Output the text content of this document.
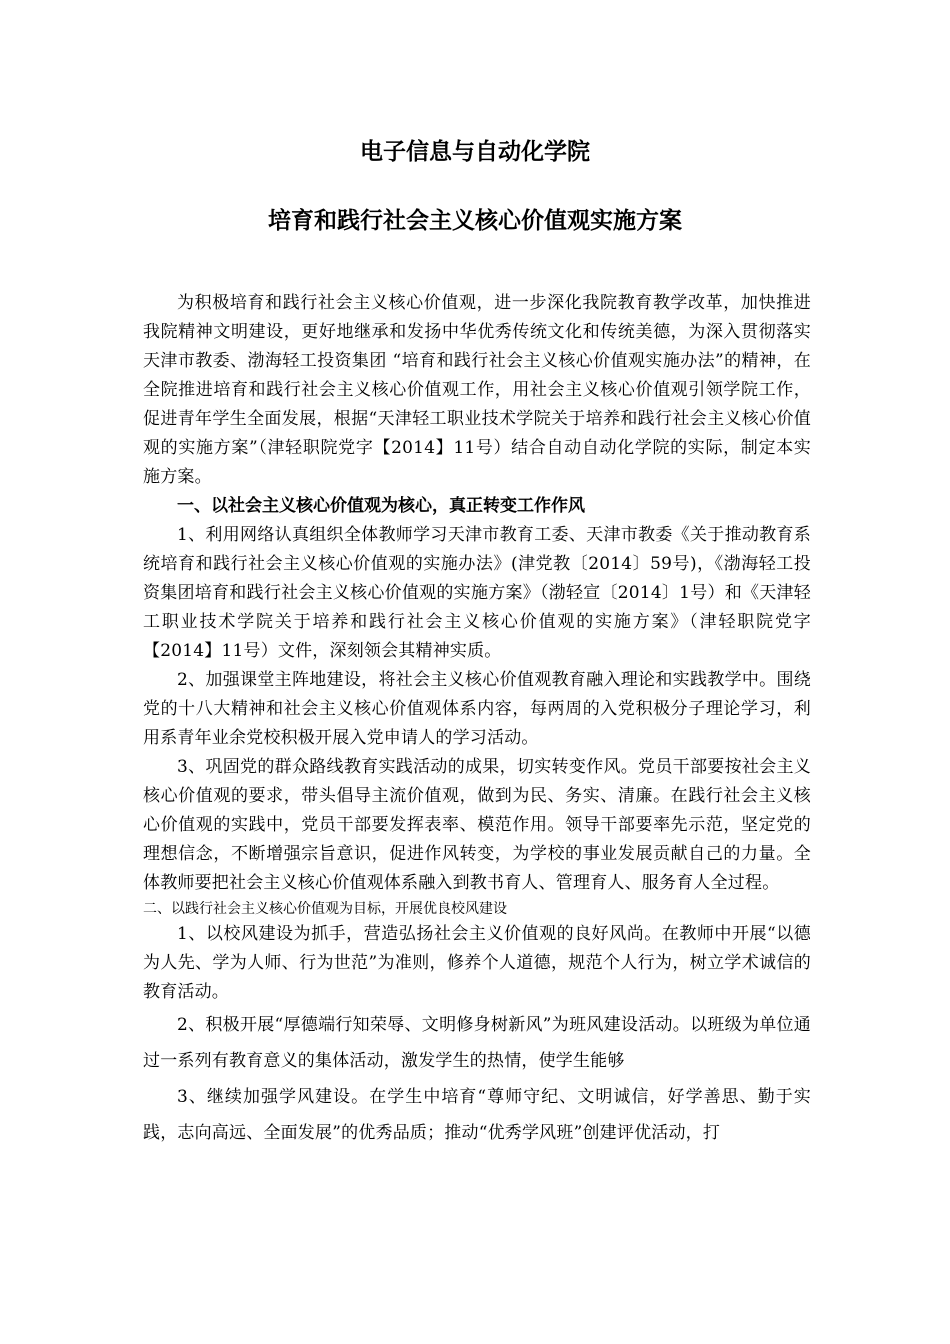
电子信息与自动化学院
培育和践行社会主义核心价值观实施方案

为积极培育和践行社会主义核心价值观，进一步深化我院教育教学改革，加快推进我院精神文明建设，更好地继承和发扬中华优秀传统文化和传统美德，为深入贯彻落实天津市教委、渤海轻工投资集团 “培育和践行社会主义核心价值观实施办法”的精神，在全院推进培育和践行社会主义核心价值观工作，用社会主义核心价值观引领学院工作，促进青年学生全面发展，根据“天津轻工职业技术学院关于培养和践行社会主义核心价值观的实施方案”（津轻职院党字【2014】11号）结合自动自动化学院的实际，制定本实施方案。

一、以社会主义核心价值观为核心，真正转变工作作风

1、利用网络认真组织全体教师学习天津市教育工委、天津市教委《关于推动教育系统培育和践行社会主义核心价值观的实施办法》(津党教〔2014〕59号)，《渤海轻工投资集团培育和践行社会主义核心价值观的实施方案》（渤轻宣〔2014〕1号）和《天津轻工职业技术学院关于培养和践行社会主义核心价值观的实施方案》（津轻职院党字【2014】11号）文件，深刻领会其精神实质。

2、加强课堂主阵地建设，将社会主义核心价值观教育融入理论和实践教学中。围绕党的十八大精神和社会主义核心价值观体系内容，每两周的入党积极分子理论学习，利用系青年业余党校积极开展入党申请人的学习活动。

3、巩固党的群众路线教育实践活动的成果，切实转变作风。党员干部要按社会主义核心价值观的要求，带头倡导主流价值观，做到为民、务实、清廉。在践行社会主义核心价值观的实践中，党员干部要发挥表率、模范作用。领导干部要率先示范，坚定党的理想信念，不断增强宗旨意识，促进作风转变，为学校的事业发展贡献自己的力量。全体教师要把社会主义核心价值观体系融入到教书育人、管理育人、服务育人全过程。

二、以践行社会主义核心价值观为目标，开展优良校风建设

1、以校风建设为抓手，营造弘扬社会主义价值观的良好风尚。在教师中开展“以德为人先、学为人师、行为世范”为准则，修养个人道德，规范个人行为，树立学术诚信的教育活动。

2、积极开展“厚德端行知荣辱、文明修身树新风”为班风建设活动。以班级为单位通过一系列有教育意义的集体活动，激发学生的热情，使学生能够

3、继续加强学风建设。在学生中培育“尊师守纪、文明诚信，好学善思、勤于实践，志向高远、全面发展”的优秀品质；推动“优秀学风班”创建评优活动，打
